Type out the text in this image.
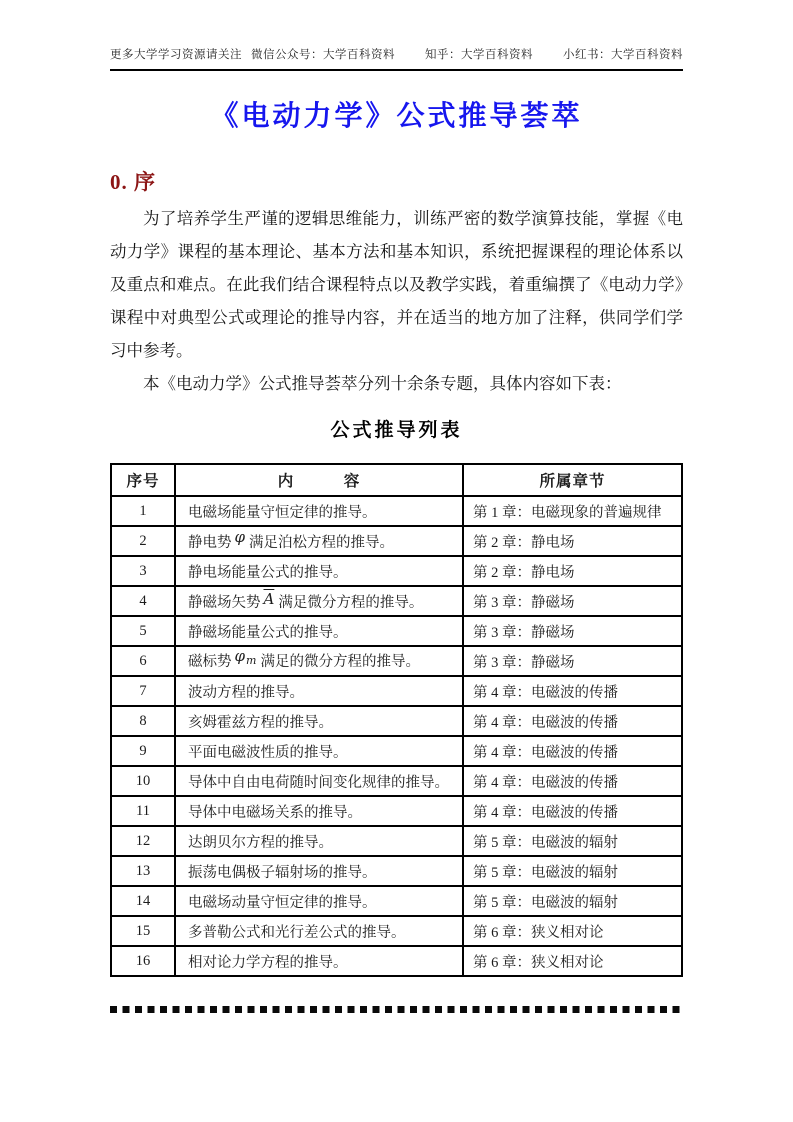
更多大学学习资源请关注 微信公众号：大学百科资料	知乎：大学百科资料	小红书：大学百科资料
《电动力学》公式推导荟萃
0. 序

为了培养学生严谨的逻辑思维能力，训练严密的数学演算技能，掌握《电动力学》课程的基本理论、基本方法和基本知识，系统把握课程的理论体系以及重点和难点。在此我们结合课程特点以及教学实践，着重编撰了《电动力学》课程中对典型公式或理论的推导内容，并在适当的地方加了注释，供同学们学习中参考。

本《电动力学》公式推导荟萃分列十余条专题，具体内容如下表：

公式推导列表
序号	内　　　容	所属章节
1	电磁场能量守恒定律的推导。	第 1 章：电磁现象的普遍规律
2	静电势 φ 满足泊松方程的推导。	第 2 章：静电场
3	静电场能量公式的推导。	第 2 章：静电场
4	静磁场矢势 $\overline{A}$ 满足微分方程的推导。	第 3 章：静磁场
5	静磁场能量公式的推导。	第 3 章：静磁场
6	磁标势 $\varphi_m$ 满足的微分方程的推导。	第 3 章：静磁场
7	波动方程的推导。	第 4 章：电磁波的传播
8	亥姆霍兹方程的推导。	第 4 章：电磁波的传播
9	平面电磁波性质的推导。	第 4 章：电磁波的传播
10	导体中自由电荷随时间变化规律的推导。	第 4 章：电磁波的传播
11	导体中电磁场关系的推导。	第 4 章：电磁波的传播
12	达朗贝尔方程的推导。	第 5 章：电磁波的辐射
13	振荡电偶极子辐射场的推导。	第 5 章：电磁波的辐射
14	电磁场动量守恒定律的推导。	第 5 章：电磁波的辐射
15	多普勒公式和光行差公式的推导。	第 6 章：狭义相对论
16	相对论力学方程的推导。	第 6 章：狭义相对论
